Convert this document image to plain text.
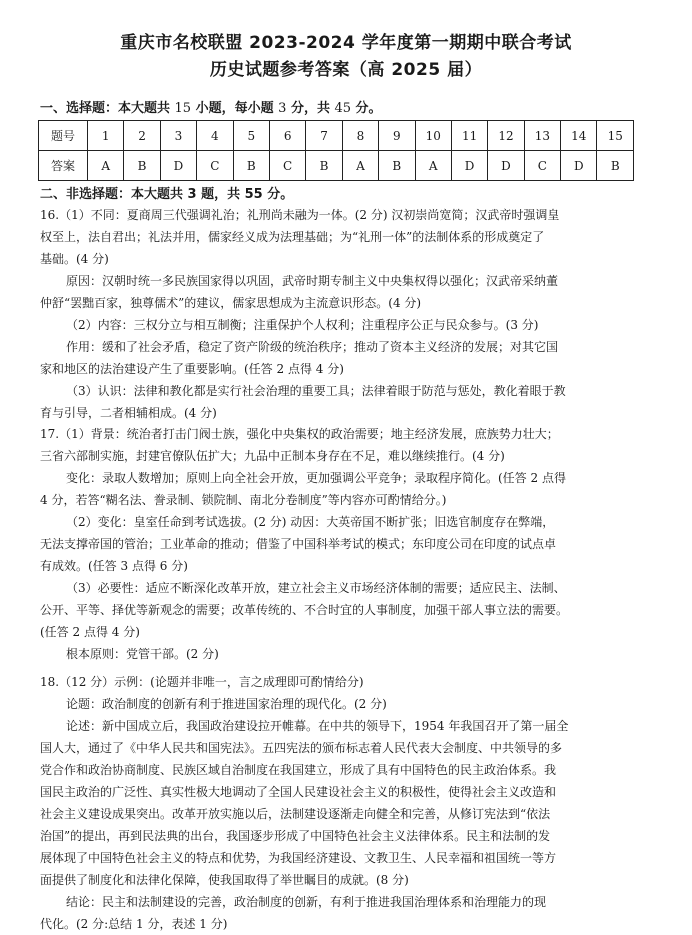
重庆市名校联盟 2023-2024 学年度第一期期中联合考试
历史试题参考答案（高 2025 届）
一、选择题：本大题共 15 小题，每小题 3 分，共 45 分。
题号	1	2	3	4	5	6	7	8	9	10	11	12	13	14	15
答案	A	B	D	C	B	C	B	A	B	A	D	D	C	D	B
二、非选择题：本大题共 3 题，共 55 分。

16.（1）不同：夏商周三代强调礼治；礼刑尚未融为一体。(2 分) 汉初崇尚宽简；汉武帝时强调皇

权至上，法自君出；礼法并用，儒家经义成为法理基础；为“礼刑一体”的法制体系的形成奠定了

基础。(4 分)

原因：汉朝时统一多民族国家得以巩固，武帝时期专制主义中央集权得以强化；汉武帝采纳董

仲舒“罢黜百家，独尊儒术”的建议，儒家思想成为主流意识形态。(4 分)

（2）内容：三权分立与相互制衡；注重保护个人权利；注重程序公正与民众参与。(3 分)

作用：缓和了社会矛盾，稳定了资产阶级的统治秩序；推动了资本主义经济的发展；对其它国

家和地区的法治建设产生了重要影响。(任答 2 点得 4 分)

（3）认识：法律和教化都是实行社会治理的重要工具；法律着眼于防范与惩处，教化着眼于教

育与引导，二者相辅相成。(4 分)

17.（1）背景：统治者打击门阀士族，强化中央集权的政治需要；地主经济发展，庶族势力壮大；

三省六部制实施，封建官僚队伍扩大；九品中正制本身存在不足，难以继续推行。(4 分)

变化：录取人数增加；原则上向全社会开放，更加强调公平竞争；录取程序简化。(任答 2 点得

4 分，若答“糊名法、誊录制、锁院制、南北分卷制度”等内容亦可酌情给分。)

（2）变化：皇室任命到考试选拔。(2 分) 动因：大英帝国不断扩张；旧选官制度存在弊端，

无法支撑帝国的管治；工业革命的推动；借鉴了中国科举考试的模式；东印度公司在印度的试点卓

有成效。(任答 3 点得 6 分)

（3）必要性：适应不断深化改革开放，建立社会主义市场经济体制的需要；适应民主、法制、

公开、平等、择优等新观念的需要；改革传统的、不合时宜的人事制度，加强干部人事立法的需要。

(任答 2 点得 4 分)

根本原则：党管干部。(2 分)

18.（12 分）示例：(论题并非唯一，言之成理即可酌情给分)

论题：政治制度的创新有利于推进国家治理的现代化。(2 分)

论述：新中国成立后，我国政治建设拉开帷幕。在中共的领导下，1954 年我国召开了第一届全

国人大，通过了《中华人民共和国宪法》。五四宪法的颁布标志着人民代表大会制度、中共领导的多

党合作和政治协商制度、民族区域自治制度在我国建立，形成了具有中国特色的民主政治体系。我

国民主政治的广泛性、真实性极大地调动了全国人民建设社会主义的积极性，使得社会主义改造和

社会主义建设成果突出。改革开放实施以后，法制建设逐渐走向健全和完善，从修订宪法到“依法

治国”的提出，再到民法典的出台，我国逐步形成了中国特色社会主义法律体系。民主和法制的发

展体现了中国特色社会主义的特点和优势，为我国经济建设、文教卫生、人民幸福和祖国统一等方

面提供了制度化和法律化保障，使我国取得了举世瞩目的成就。(8 分)

结论：民主和法制建设的完善，政治制度的创新，有利于推进我国治理体系和治理能力的现

代化。(2 分:总结 1 分，表述 1 分)
